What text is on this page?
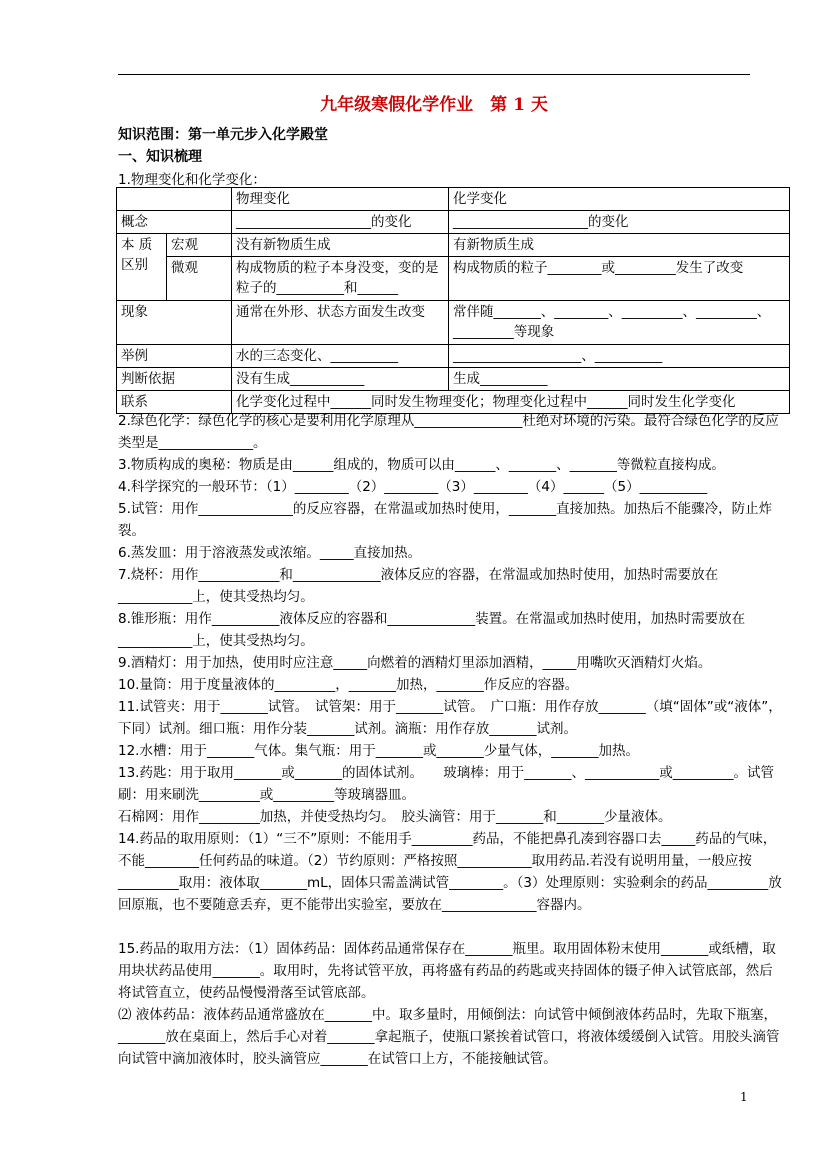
九年级寒假化学作业　第 1 天
知识范围：第一单元步入化学殿堂
一、知识梳理
1.物理变化和化学变化：
		物理变化	化学变化
概念		____________________的变化	____________________的变化
本 质 区别	宏观	没有新物质生成	有新物质生成
	微观	构成物质的粒子本身没变，变的是粒子的__________和______	构成物质的粒子________或_________发生了改变
现象		通常在外形、状态方面发生改变	常伴随_______、________、_________、_________、_________等现象
举例		水的三态变化、__________	___________________、__________
判断依据		没有生成___________	生成__________
联系		化学变化过程中______同时发生物理变化；物理变化过程中______同时发生化学变化	
2.绿色化学：绿色化学的核心是要利用化学原理从________________杜绝对环境的污染。最符合绿色化学的反应类型是______________。
3.物质构成的奥秘：物质是由______组成的，物质可以由______、_______、_______等微粒直接构成。
4.科学探究的一般环节：（1）________（2）________（3）________（4）______（5）__________
5.试管：用作______________的反应容器，在常温或加热时使用，_______直接加热。加热后不能骤冷，防止炸裂。
6.蒸发皿：用于溶液蒸发或浓缩。_____直接加热。
7.烧杯：用作____________和_____________液体反应的容器，在常温或加热时使用，加热时需要放在___________上，使其受热均匀。
8.锥形瓶：用作__________液体反应的容器和_____________装置。在常温或加热时使用，加热时需要放在___________上，使其受热均匀。
9.酒精灯：用于加热，使用时应注意_____向燃着的酒精灯里添加酒精，_____用嘴吹灭酒精灯火焰。
10.量筒：用于度量液体的_________，_______加热，_______作反应的容器。
11.试管夹：用于_______试管。　试管架：用于_______试管。　广口瓶：用作存放_______（填“固体”或“液体”，下同）试剂。细口瓶：用作分装_______试剂。滴瓶：用作存放_______试剂。
12.水槽：用于_______气体。集气瓶：用于_______或_______少量气体，_______加热。
13.药匙：用于取用_______或_______的固体试剂。　　玻璃棒：用于_______、___________或_________。试管刷：用来刷洗_________或_________等玻璃器皿。
石棉网：用作_________加热，并使受热均匀。　胶头滴管：用于_______和_______少量液体。
14.药品的取用原则：（1）“三不”原则：不能用手_________药品，不能把鼻孔凑到容器口去_____药品的气味，不能________任何药品的味道。（2）节约原则：严格按照___________取用药品.若没有说明用量，一般应按_________取用：液体取_______mL，固体只需盖满试管________。（3）处理原则：实验剩余的药品_________放回原瓶，也不要随意丢弃，更不能带出实验室，要放在______________容器内。
15.药品的取用方法：（1）固体药品：固体药品通常保存在_______瓶里。取用固体粉末使用_______或纸槽，取用块状药品使用_______。取用时，先将试管平放，再将盛有药品的药匙或夹持固体的镊子伸入试管底部，然后将试管直立，使药品慢慢滑落至试管底部。
⑵ 液体药品：液体药品通常盛放在_______中。取多量时，用倾倒法：向试管中倾倒液体药品时，先取下瓶塞，_______放在桌面上，然后手心对着_______拿起瓶子，使瓶口紧挨着试管口，将液体缓缓倒入试管。用胶头滴管向试管中滴加液体时，胶头滴管应_______在试管口上方，不能接触试管。
1
